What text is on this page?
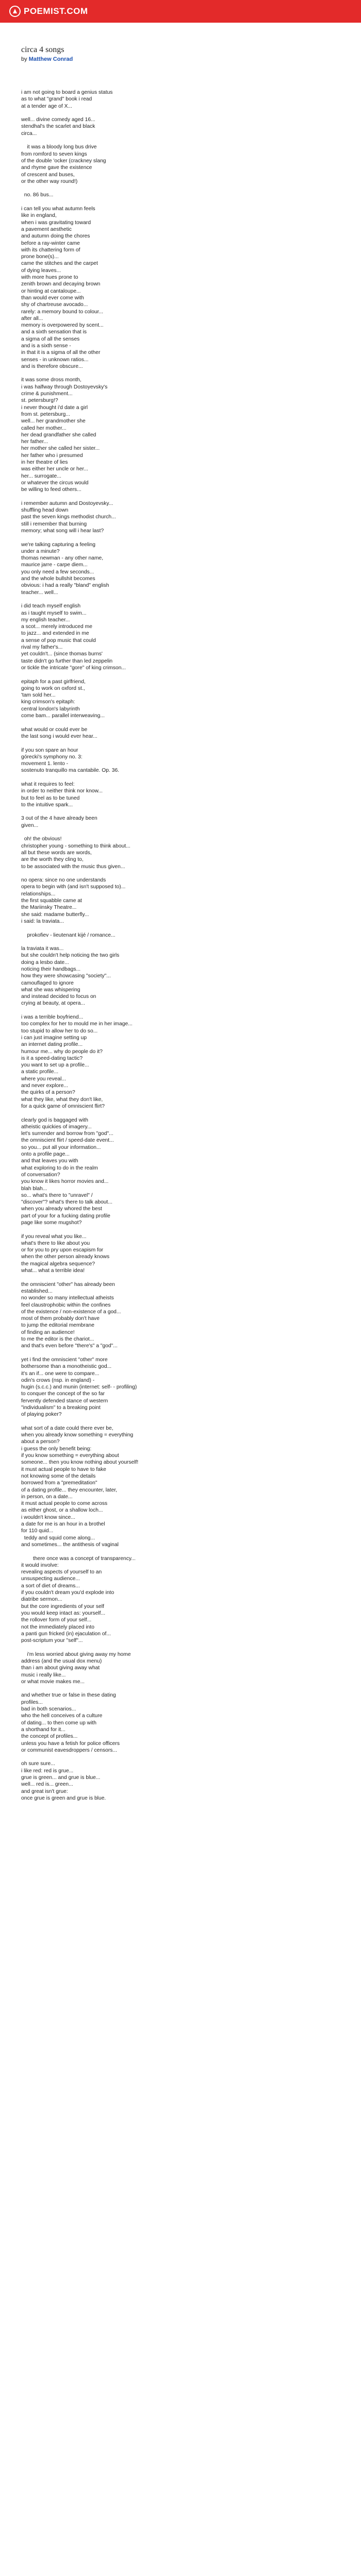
POEMIST.COM
circa 4 songs
by Matthew Conrad
i am not going to board a genius status
as to what "grand" book i read
at a tender age of X...

well... divine comedy aged 16...
stendhal's the scarlet and black
circa...

it was a bloody long bus drive
from romford to seven kings
of the double 'ocker (crackney slang
and rhyme gave the existence
of crescent and buses,
or the other way round!)

no. 86 bus...

i can tell you what autumn feels
like in england,
when i was gravitating toward
a pavement aesthetic
and autumn doing the chores
before a ray-winter came
with its chattering form of
prone bone(s)...
came the stitches and the carpet
of dying leaves...
with more hues prone to
zenith brown and decaying brown
or hinting at cantaloupe...
than would ever come with
shy of chartreuse avocado...
rarely: a memory bound to colour...
after all...
memory is overpowered by scent...
and a sixth sensation that is
a sigma of all the senses
and is a sixth sense -
in that it is a sigma of all the other
senses - in unknown ratios...
and is therefore obscure...

it was some dross month,
i was halfway through Dostoyevsky's
crime & punishment...
st. petersburg!?
i never thought i'd date a girl
from st. petersburg...
well... her grandmother she
called her mother...
her dead grandfather she called
her father...
her mother she called her sister...
her father who i presumed
in her theatre of lies
was either her uncle or her...
her... surrogate...
or whatever the circus would
be willing to feed others...

i remember autumn and Dostoyevsky...
shuffling head down
past the seven kings methodist church...
still i remember that burning
memory; what song will i hear last?

we're talking capturing a feeling
under a minute?
thomas newman - any other name,
maurice jarre - carpe diem...
you only need a few seconds...
and the whole bullshit becomes
obvious: i had a really "bland" english
teacher... well...

i did teach myself english
as i taught myself to swim...
my english teacher...
a scot... merely introduced me
to jazz... and extended in me
a sense of pop music that could
rival my father's...
yet couldn't... (since thomas burns'
taste didn't go further than led zeppelin
or tickle the intricate "gore" of king crimson...

epitaph for a past girlfriend,
going to work on oxford st.,
'tam sold her...
king crimson's epitaph:
central london's labyrinth
come bam... parallel interweaving...

what would or could ever be
the last song i would ever hear...

if you son spare an hour
górecki's symphony no. 3:
movement 1. lento -
sostenuto tranquillo ma cantabile. Op. 36.

what it requires to feel:
in order to neither think nor know...
but to feel as to be tuned
to the intuitive spark...

3 out of the 4 have already been
given...

oh! the obvious!
christopher young - something to think about...
all but these words are words,
are the worth they cling to,
to be associated with the music thus given...

no opera: since no one understands
opera to begin with (and isn't supposed to)...
relationships...
the first squabble came at
the Mariinsky Theatre...
she said: madame butterfly...
i said: la traviata...

prokofiev - lieutenant kijé / romance...

la traviata it was...
but she couldn't help noticing the two girls
doing a lesbo date...
noticing their handbags...
how they were showcasing "society"...
camouflaged to ignore
what she was whispering
and instead decided to focus on
crying at beauty, at opera...

i was a terrible boyfriend...
too complex for her to mould me in her image...
too stupid to allow her to do so...
i can just imagine setting up
an internet dating profile...
humour me... why do people do it?
is it a speed-dating tactic?
you want to set up a profile...
a static profile...
where you reveal...
and never explore...
the quirks of a person?
what they like, what they don't like,
for a quick game of omniscient flirt?

clearly god is baggaged with
atheistic quickies of imagery...
let's surrender and borrow from "god"...
the omniscient flirt / speed-date event...
so you... put all your information...
onto a profile page...
and that leaves you with
what exploring to do in the realm
of conversation?
you know it likes horror movies and...
blah blah...
so... what's there to "unravel" /
"discover"? what's there to talk about...
when you already whored the best
part of your for a fucking dating profile
page like some mugshot?

if you reveal what you like...
what's there to like about you
or for you to pry upon escapism for
when the other person already knows
the magical algebra sequence?
what... what a terrible idea!

the omniscient "other" has already been
established...
no wonder so many intellectual atheists
feel claustrophobic within the confines
of the existence / non-existence of a god...
most of them probably don't have
to jump the editorial membrane
of finding an audience!
to me the editor is the chariot...
and that's even before "there's" a "god"...

yet i find the omniscient "other" more
bothersome than a monotheistic god...
it's an if... one were to compare...
odin's crows (nsp. in england) -
hugin (s.c.c.) and munin (internet: self- - profiling)
to conquer the concept of the so far
fervently defended stance of western
"individualism" to a breaking point
of playing poker?

what sort of a date could there ever be,
when you already know something = everything
about a person?
i guess the only benefit being:
if you know something = everything about
someone... then you know nothing about yourself!
it must actual people to have to fake
not knowing some of the details
borrowed from a "premeditation"
of a dating profile... they encounter, later,
in person, on a date...
it must actual people to come across
as either ghost, or a shallow loch...
i wouldn't know since...
a date for me is an hour in a brothel
for 110 quid...
teddy and squid come along...
and sometimes... the antithesis of vaginal

there once was a concept of transparency...
it would involve:
revealing aspects of yourself to an
unsuspecting audience...
a sort of diet of dreams...
if you couldn't dream you'd explode into
diatribe sermon...
but the core ingredients of your self
you would keep intact as: yourself...
the rollover form of your self...
not the immediately placed into
a panti gun fricked (in) ejaculation of...
post-scriptum your "self"...

i'm less worried about giving away my home
address (and the usual dox menu)
than i am about giving away what
music i really like...
or what movie makes me...

and whether true or false in these dating
profiles...
bad in both scenarios...
who the hell conceives of a culture
of dating... to then come up with
a shorthand for it...
the concept of profiles...
unless you have a fetish for police officers
or communist eavesdroppers / censors...

oh sure sure...
i like red: red is grue...
grue is green... and grue is blue...
well... red is... green...
and great isn't grue:
once grue is green and grue is blue.
